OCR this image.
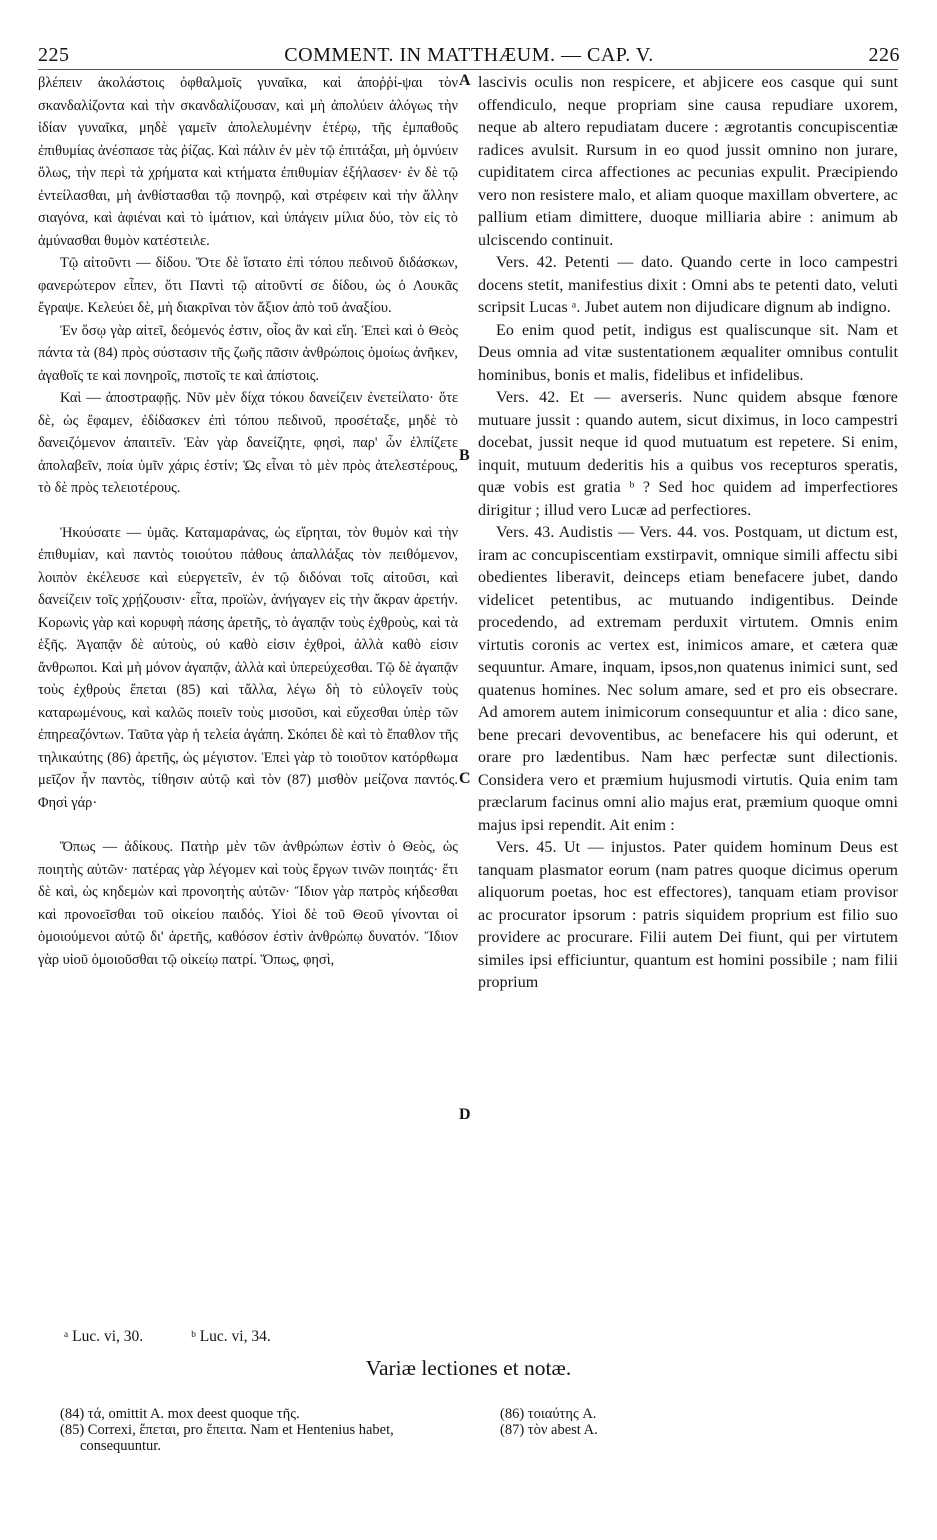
225	COMMENT. IN MATTHÆUM. — CAP. V.	226

βλέπειν ἀκολάστοις ὀφθαλμοῖς γυναῖκα, καὶ ἀποῤῥί-ψαι τὸν σκανδαλίζοντα καὶ τὴν σκανδαλίζουσαν, καὶ μὴ ἀπολύειν ἀλόγως τὴν ἰδίαν γυναῖκα, μηδὲ γαμεῖν ἀπολελυμένην ἑτέρῳ, τῆς ἐμπαθοῦς ἐπιθυμίας ἀνέσπασε τὰς ῥίζας. Καὶ πάλιν ἐν μὲν τῷ ἐπιτάξαι, μὴ ὀμνύειν ὅλως, τὴν περὶ τὰ χρήματα καὶ κτήματα ἐπιθυμίαν ἐξήλασεν· ἐν δὲ τῷ ἐντείλασθαι, μὴ ἀνθίστασθαι τῷ πονηρῷ, καὶ στρέφειν καὶ τὴν ἄλλην σιαγόνα, καὶ ἀφιέναι καὶ τὸ ἱμάτιον, καὶ ὑπάγειν μίλια δύο, τὸν εἰς τὸ ἀμύνασθαι θυμὸν κατέστειλε.

Τῷ αἰτοῦντι — δίδου. Ὅτε δὲ ἵστατο ἐπὶ τόπου πεδινοῦ διδάσκων, φανερώτερον εἶπεν, ὅτι Παντὶ τῷ αἰτοῦντί σε δίδου, ὡς ὁ Λουκᾶς ἔγραψε. Κελεύει δὲ, μὴ διακρῖναι τὸν ἄξιον ἀπὸ τοῦ ἀναξίου.

Ἐν ὅσῳ γὰρ αἰτεῖ, δεόμενός ἐστιν, οἷος ἂν καὶ εἴη. Ἐπεὶ καὶ ὁ Θεὸς πάντα τὰ (84) πρὸς σύστασιν τῆς ζωῆς πᾶσιν ἀνθρώποις ὁμοίως ἀνῆκεν, ἀγαθοῖς τε καὶ πονηροῖς, πιστοῖς τε καὶ ἀπίστοις.

Καὶ — ἀποστραφῇς. Νῦν μὲν δίχα τόκου δανείζειν ἐνετείλατο· ὅτε δὲ, ὡς ἔφαμεν, ἐδίδασκεν ἐπὶ τόπου πεδινοῦ, προσέταξε, μηδὲ τὸ δανειζόμενον ἀπαιτεῖν. Ἐὰν γὰρ δανείζητε, φησὶ, παρ' ὧν ἐλπίζετε ἀπολαβεῖν, ποία ὑμῖν χάρις ἐστίν; Ὡς εἶναι τὸ μὲν πρὸς ἀτελεστέρους, τὸ δὲ πρὸς τελειοτέρους.

Ἠκούσατε — ὑμᾶς. Καταμαράνας, ὡς εἴρηται, τὸν θυμὸν καὶ τὴν ἐπιθυμίαν, καὶ παντὸς τοιούτου πάθους ἀπαλλάξας τὸν πειθόμενον, λοιπὸν ἐκέλευσε καὶ εὐεργετεῖν, ἐν τῷ διδόναι τοῖς αἰτοῦσι, καὶ δανείζειν τοῖς χρῄζουσιν· εἶτα, προϊὼν, ἀνήγαγεν εἰς τὴν ἄκραν ἀρετήν. Κορωνὶς γὰρ καὶ κορυφὴ πάσης ἀρετῆς, τὸ ἀγαπᾷν τοὺς ἐχθροὺς, καὶ τὰ ἑξῆς. Ἀγαπᾷν δὲ αὐτοὺς, οὐ καθὸ εἰσιν ἐχθροὶ, ἀλλὰ καθὸ εἰσιν ἄνθρωποι. Καὶ μὴ μόνον ἀγαπᾷν, ἀλλὰ καὶ ὑπερεύχεσθαι. Τῷ δὲ ἀγαπᾷν τοὺς ἐχθροὺς ἕπεται (85) καὶ τἄλλα, λέγω δὴ τὸ εὐλογεῖν τοὺς καταρωμένους, καὶ καλῶς ποιεῖν τοὺς μισοῦσι, καὶ εὔχεσθαι ὑπὲρ τῶν ἐπηρεαζόντων. Ταῦτα γὰρ ἡ τελεία ἀγάπη. Σκόπει δὲ καὶ τὸ ἔπαθλον τῆς τηλικαύτης (86) ἀρετῆς, ὡς μέγιστον. Ἐπεὶ γὰρ τὸ τοιοῦτον κατόρθωμα μεῖζον ἦν παντὸς, τίθησιν αὐτῷ καὶ τὸν (87) μισθὸν μείζονα παντός. Φησὶ γάρ·

Ὅπως — ἀδίκους. Πατὴρ μὲν τῶν ἀνθρώπων ἐστὶν ὁ Θεὸς, ὡς ποιητὴς αὐτῶν· πατέρας γὰρ λέγομεν καὶ τοὺς ἔργων τινῶν ποιητάς· ἔτι δὲ καὶ, ὡς κηδεμὼν καὶ προνοητὴς αὐτῶν· Ἴδιον γὰρ πατρὸς κήδεσθαι καὶ προνοεῖσθαι τοῦ οἰκείου παιδός. Υἱοὶ δὲ τοῦ Θεοῦ γίνονται οἱ ὁμοιούμενοι αὐτῷ δι' ἀρετῆς, καθόσον ἐστὶν ἀνθρώπῳ δυνατόν. Ἴδιον γὰρ υἱοῦ ὁμοιοῦσθαι τῷ οἰκείῳ πατρί. Ὅπως, φησὶ,

A
B
C
D

lascivis oculis non respicere, et abjicere eos casque qui sunt offendiculo, neque propriam sine causa repudiare uxorem, neque ab altero repudiatam ducere : ægrotantis concupiscentiæ radices avulsit. Rursum in eo quod jussit omnino non jurare, cupiditatem circa affectiones ac pecunias expulit. Præcipiendo vero non resistere malo, et aliam quoque maxillam obvertere, ac pallium etiam dimittere, duoque milliaria abire : animum ab ulciscendo continuit.

Vers. 42. Petenti — dato. Quando certe in loco campestri docens stetit, manifestius dixit : Omni abs te petenti dato, veluti scripsit Lucas ᵃ. Jubet autem non dijudicare dignum ab indigno.

Eo enim quod petit, indigus est qualiscunque sit. Nam et Deus omnia ad vitæ sustentationem æqualiter omnibus contulit hominibus, bonis et malis, fidelibus et infidelibus.

Vers. 42. Et — averseris. Nunc quidem absque fœnore mutuare jussit : quando autem, sicut diximus, in loco campestri docebat, jussit neque id quod mutuatum est repetere. Si enim, inquit, mutuum dederitis his a quibus vos recepturos speratis, quæ vobis est gratia ᵇ ? Sed hoc quidem ad imperfectiores dirigitur ; illud vero Lucæ ad perfectiores.

Vers. 43. Audistis — Vers. 44. vos. Postquam, ut dictum est, iram ac concupiscentiam exstirpavit, omnique simili affectu sibi obedientes liberavit, deinceps etiam benefacere jubet, dando videlicet petentibus, ac mutuando indigentibus. Deinde procedendo, ad extremam perduxit virtutem. Omnis enim virtutis coronis ac vertex est, inimicos amare, et cætera quæ sequuntur. Amare, inquam, ipsos,non quatenus inimici sunt, sed quatenus homines. Nec solum amare, sed et pro eis obsecrare. Ad amorem autem inimicorum consequuntur et alia : dico sane, bene precari devoventibus, ac benefacere his qui oderunt, et orare pro lædentibus. Nam hæc perfectæ sunt dilectionis. Considera vero et præmium hujusmodi virtutis. Quia enim tam præclarum facinus omni alio majus erat, præmium quoque omni majus ipsi rependit. Ait enim :

Vers. 45. Ut — injustos. Pater quidem hominum Deus est tanquam plasmator eorum (nam patres quoque dicimus operum aliquorum poetas, hoc est effectores), tanquam etiam provisor ac procurator ipsorum : patris siquidem proprium est filio suo providere ac procurare. Filii autem Dei fiunt, qui per virtutem similes ipsi efficiuntur, quantum est homini possibile ; nam filii proprium

ᵃ Luc. vi, 30.	ᵇ Luc. vi, 34.
Variæ lectiones et notæ.

(84) τά, omittit A. mox deest quoque τῆς.

(85) Correxi, ἕπεται, pro ἔπειτα. Nam et Hentenius habet, consequuntur.

(86) τοιαύτης A.

(87) τὸν abest A.
